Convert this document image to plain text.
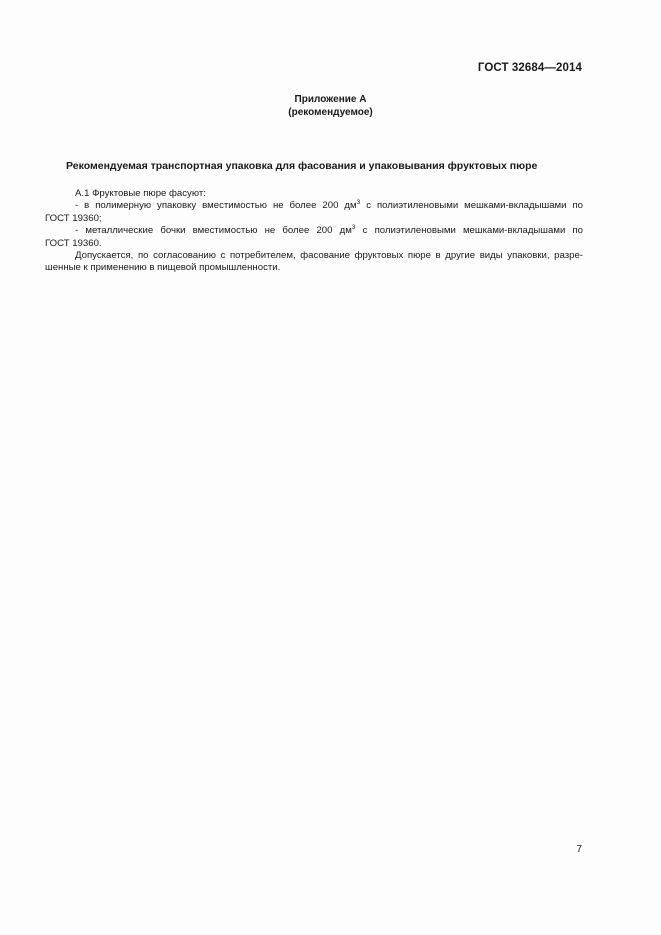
ГОСТ 32684—2014
Приложение А
(рекомендуемое)
Рекомендуемая транспортная упаковка для фасования и упаковывания фруктовых пюре

А.1 Фруктовые пюре фасуют:

- в полимерную упаковку вместимостью не более 200 $дм^3$ с полиэтиленовыми мешками-вкладышами по

ГОСТ 19360;

- металлические бочки вместимостью не более 200 $дм^3$ с полиэтиленовыми мешками-вкладышами по

ГОСТ 19360.

Допускается, по согласованию с потребителем, фасование фруктовых пюре в другие виды упаковки, разре-

шенные к применению в пищевой промышленности.

7
